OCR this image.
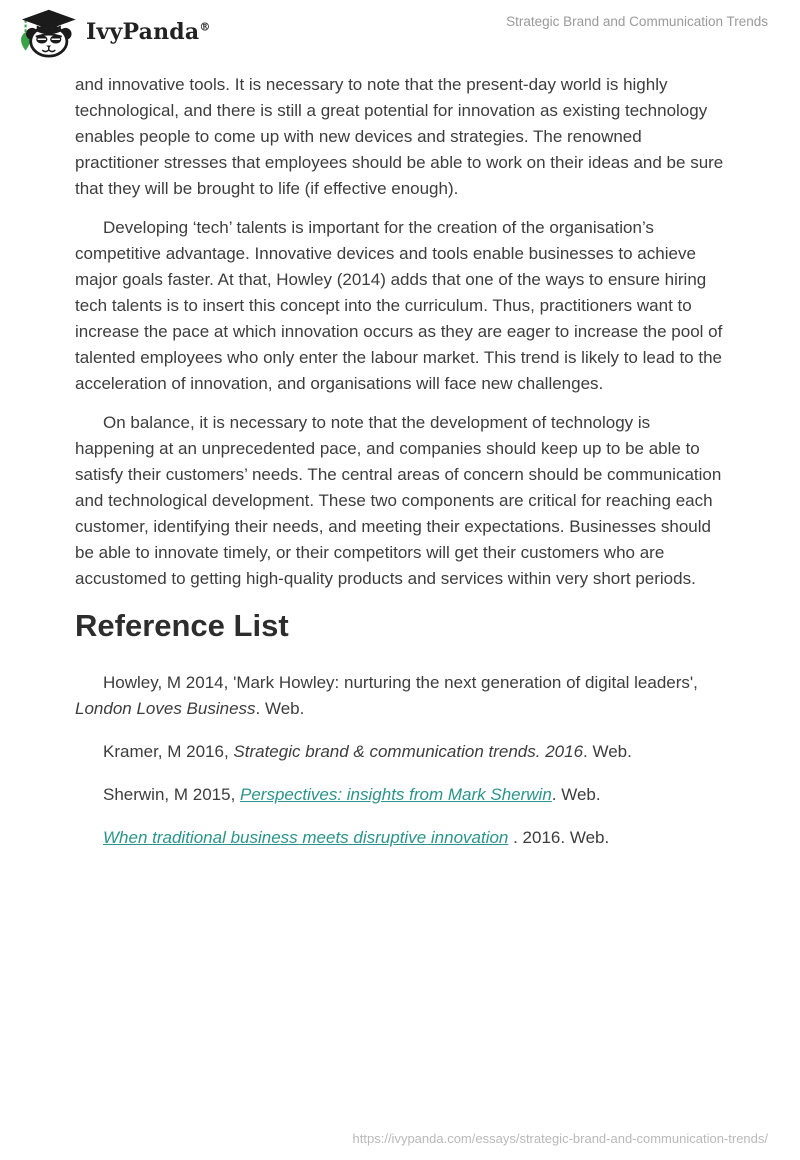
IvyPanda®	Strategic Brand and Communication Trends

and innovative tools. It is necessary to note that the present-day world is highly technological, and there is still a great potential for innovation as existing technology enables people to come up with new devices and strategies. The renowned practitioner stresses that employees should be able to work on their ideas and be sure that they will be brought to life (if effective enough).

Developing ‘tech’ talents is important for the creation of the organisation’s competitive advantage. Innovative devices and tools enable businesses to achieve major goals faster. At that, Howley (2014) adds that one of the ways to ensure hiring tech talents is to insert this concept into the curriculum. Thus, practitioners want to increase the pace at which innovation occurs as they are eager to increase the pool of talented employees who only enter the labour market. This trend is likely to lead to the acceleration of innovation, and organisations will face new challenges.

On balance, it is necessary to note that the development of technology is happening at an unprecedented pace, and companies should keep up to be able to satisfy their customers’ needs. The central areas of concern should be communication and technological development. These two components are critical for reaching each customer, identifying their needs, and meeting their expectations. Businesses should be able to innovate timely, or their competitors will get their customers who are accustomed to getting high-quality products and services within very short periods.

Reference List

Howley, M 2014, 'Mark Howley: nurturing the next generation of digital leaders', London Loves Business. Web.

Kramer, M 2016, Strategic brand & communication trends. 2016. Web.

Sherwin, M 2015, Perspectives: insights from Mark Sherwin. Web.

When traditional business meets disruptive innovation . 2016. Web.

https://ivypanda.com/essays/strategic-brand-and-communication-trends/
